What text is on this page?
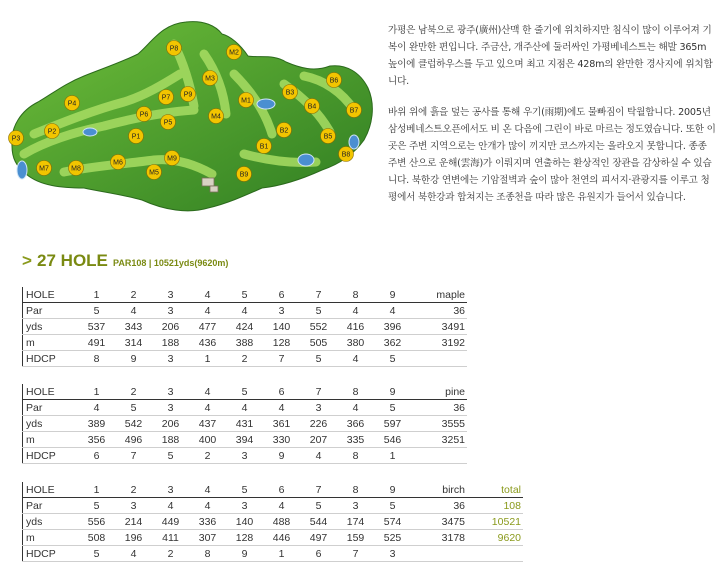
P1
P2
P3
P4
P5
P6
P7
P8
P9
M1
M2
M3
M4
M5
M6
M7	M8
M9
B1
B2
B3
B4
B5
B6
B7
B8
B9

가평은 남북으로 광주(廣州)산맥 한 줄기에 위치하지만 침식이 많이 이루어져 기복이 완만한 편입니다. 주금산, 개주산에 둘러싸인 가평베네스트는 해발 365m 높이에 클럽하우스를 두고 있으며 최고 지점은 428m의 완만한 경사지에 위치합니다.

바위 위에 흙을 덮는 공사를 통해 우기(雨期)에도 물빠짐이 탁월합니다. 2005년 삼성베네스트오픈에서도 비 온 다음에 그린이 바로 마르는 정도였습니다. 또한 이곳은 주변 지역으로는 안개가 많이 끼지만 코스까지는 올라오지 못합니다. 종종 주변 산으로 운해(雲海)가 이뤄지며 연출하는 환상적인 장관을 감상하실 수 있습니다. 북한강 연변에는 기암절벽과 숲이 많아 천연의 피서지·관광지를 이루고 청평에서 북한강과 합쳐지는 조종천을 따라 많은 유원지가 들어서 있습니다.

> 27 HOLE PAR108 | 10521yds(9620m)
HOLE	1	2	3	4	5	6	7	8	9	maple
Par	5	4	3	4	4	3	5	4	4	36
yds	537	343	206	477	424	140	552	416	396	3491
m	491	314	188	436	388	128	505	380	362	3192
HDCP	8	9	3	1	2	7	5	4	5	
HOLE	1	2	3	4	5	6	7	8	9	pine
Par	4	5	3	4	4	4	3	4	5	36
yds	389	542	206	437	431	361	226	366	597	3555
m	356	496	188	400	394	330	207	335	546	3251
HDCP	6	7	5	2	3	9	4	8	1	
HOLE	1	2	3	4	5	6	7	8	9	birch	total
Par	5	3	4	4	3	4	5	3	5	36	108
yds	556	214	449	336	140	488	544	174	574	3475	10521
m	508	196	411	307	128	446	497	159	525	3178	9620
HDCP	5	4	2	8	9	1	6	7	3		
